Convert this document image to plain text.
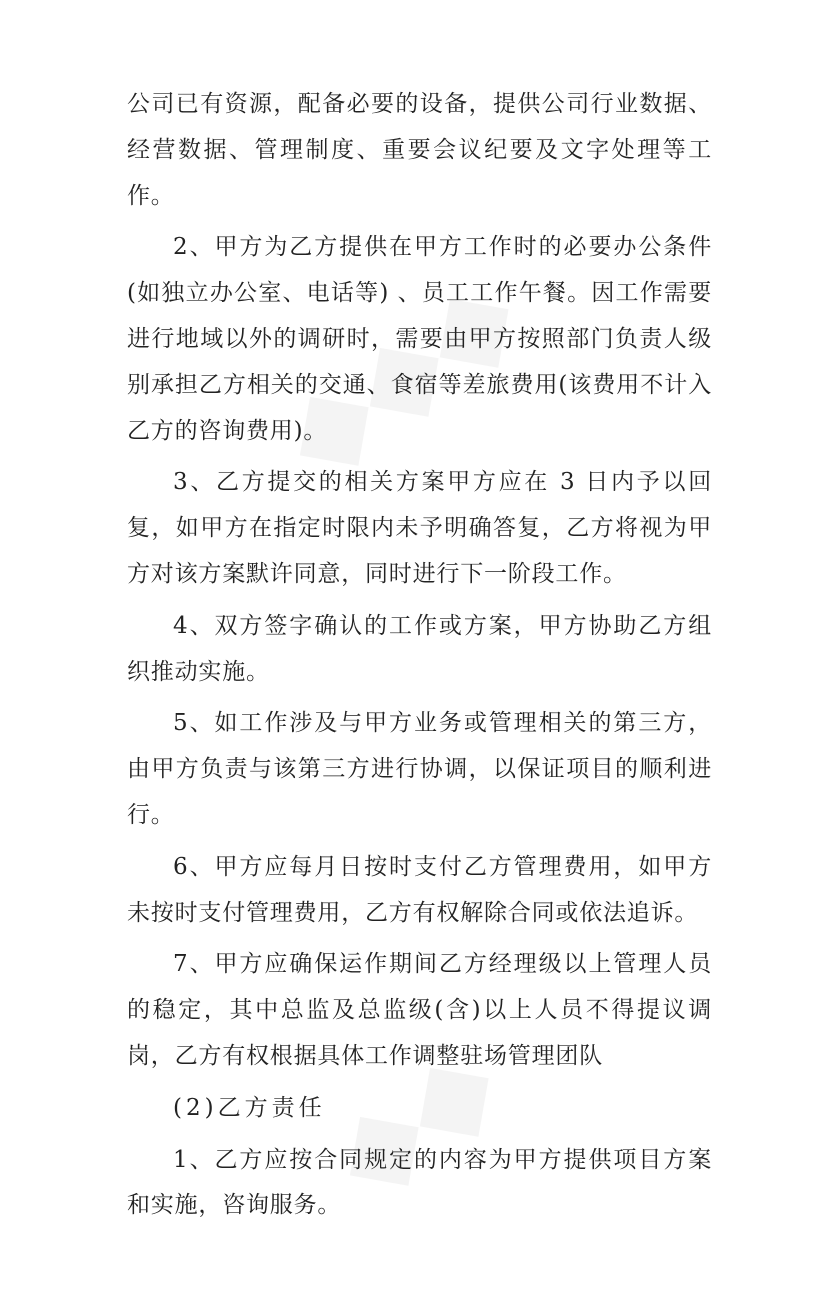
公司已有资源，配备必要的设备，提供公司行业数据、经营数据、管理制度、重要会议纪要及文字处理等工作。

2、甲方为乙方提供在甲方工作时的必要办公条件(如独立办公室、电话等) 、员工工作午餐。因工作需要进行地域以外的调研时，需要由甲方按照部门负责人级别承担乙方相关的交通、食宿等差旅费用(该费用不计入乙方的咨询费用)。

3、乙方提交的相关方案甲方应在 3 日内予以回复，如甲方在指定时限内未予明确答复，乙方将视为甲方对该方案默许同意，同时进行下一阶段工作。

4、双方签字确认的工作或方案，甲方协助乙方组织推动实施。

5、如工作涉及与甲方业务或管理相关的第三方，由甲方负责与该第三方进行协调，以保证项目的顺利进行。

6、甲方应每月日按时支付乙方管理费用，如甲方未按时支付管理费用，乙方有权解除合同或依法追诉。

7、甲方应确保运作期间乙方经理级以上管理人员的稳定，其中总监及总监级(含)以上人员不得提议调岗，乙方有权根据具体工作调整驻场管理团队

(2)乙方责任

1、乙方应按合同规定的内容为甲方提供项目方案和实施，咨询服务。
